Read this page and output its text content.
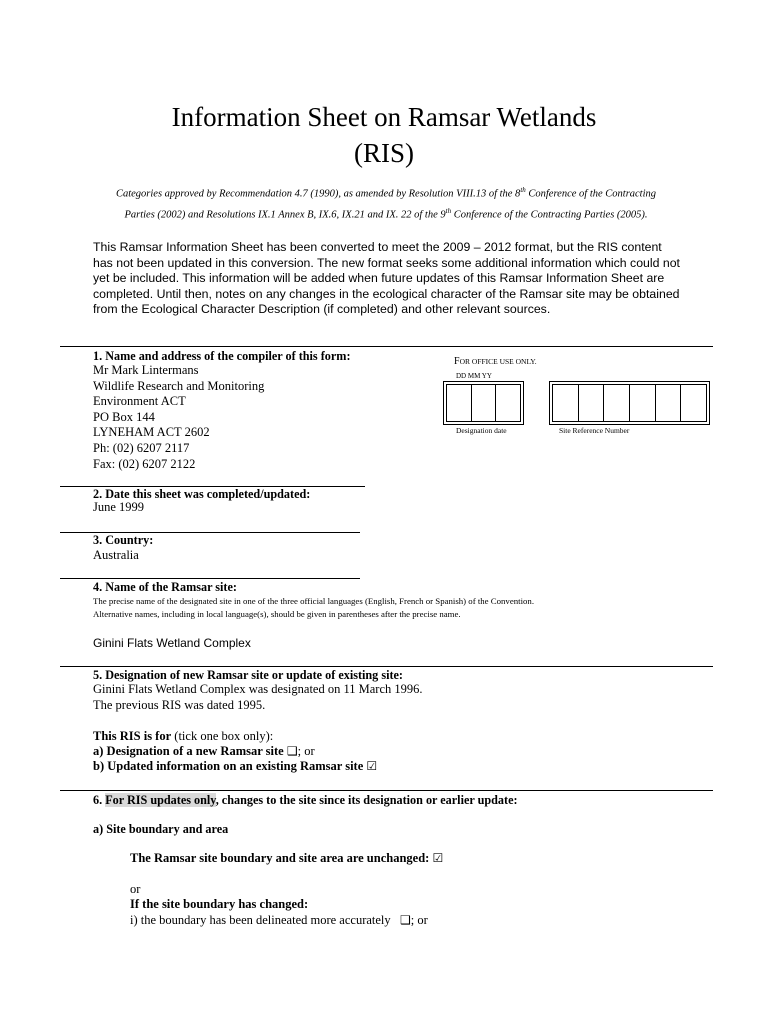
Information Sheet on Ramsar Wetlands
(RIS)
Categories approved by Recommendation 4.7 (1990), as amended by Resolution VIII.13 of the 8th Conference of the Contracting Parties (2002) and Resolutions IX.1 Annex B, IX.6, IX.21 and IX. 22 of the 9th Conference of the Contracting Parties (2005).
This Ramsar Information Sheet has been converted to meet the 2009 – 2012 format, but the RIS content has not been updated in this conversion. The new format seeks some additional information which could not yet be included. This information will be added when future updates of this Ramsar Information Sheet are completed. Until then, notes on any changes in the ecological character of the Ramsar site may be obtained from the Ecological Character Description (if completed) and other relevant sources.
1. Name and address of the compiler of this form:
Mr Mark Lintermans
Wildlife Research and Monitoring
Environment ACT
PO Box 144
LYNEHAM ACT 2602
Ph: (02) 6207 2117
Fax: (02) 6207 2122
FOR OFFICE USE ONLY.
DD MM YY
Designation date	Site Reference Number
2. Date this sheet was completed/updated:
June 1999
3. Country:
Australia
4. Name of the Ramsar site:
The precise name of the designated site in one of the three official languages (English, French or Spanish) of the Convention.
Alternative names, including in local language(s), should be given in parentheses after the precise name.
Ginini Flats Wetland Complex
5. Designation of new Ramsar site or update of existing site:
Ginini Flats Wetland Complex was designated on 11 March 1996.
The previous RIS was dated 1995.
This RIS is for (tick one box only):
a) Designation of a new Ramsar site ❑; or
b) Updated information on an existing Ramsar site ☑
6. For RIS updates only, changes to the site since its designation or earlier update:
a) Site boundary and area
The Ramsar site boundary and site area are unchanged: ☑
or
If the site boundary has changed:
i) the boundary has been delineated more accurately ❑; or
